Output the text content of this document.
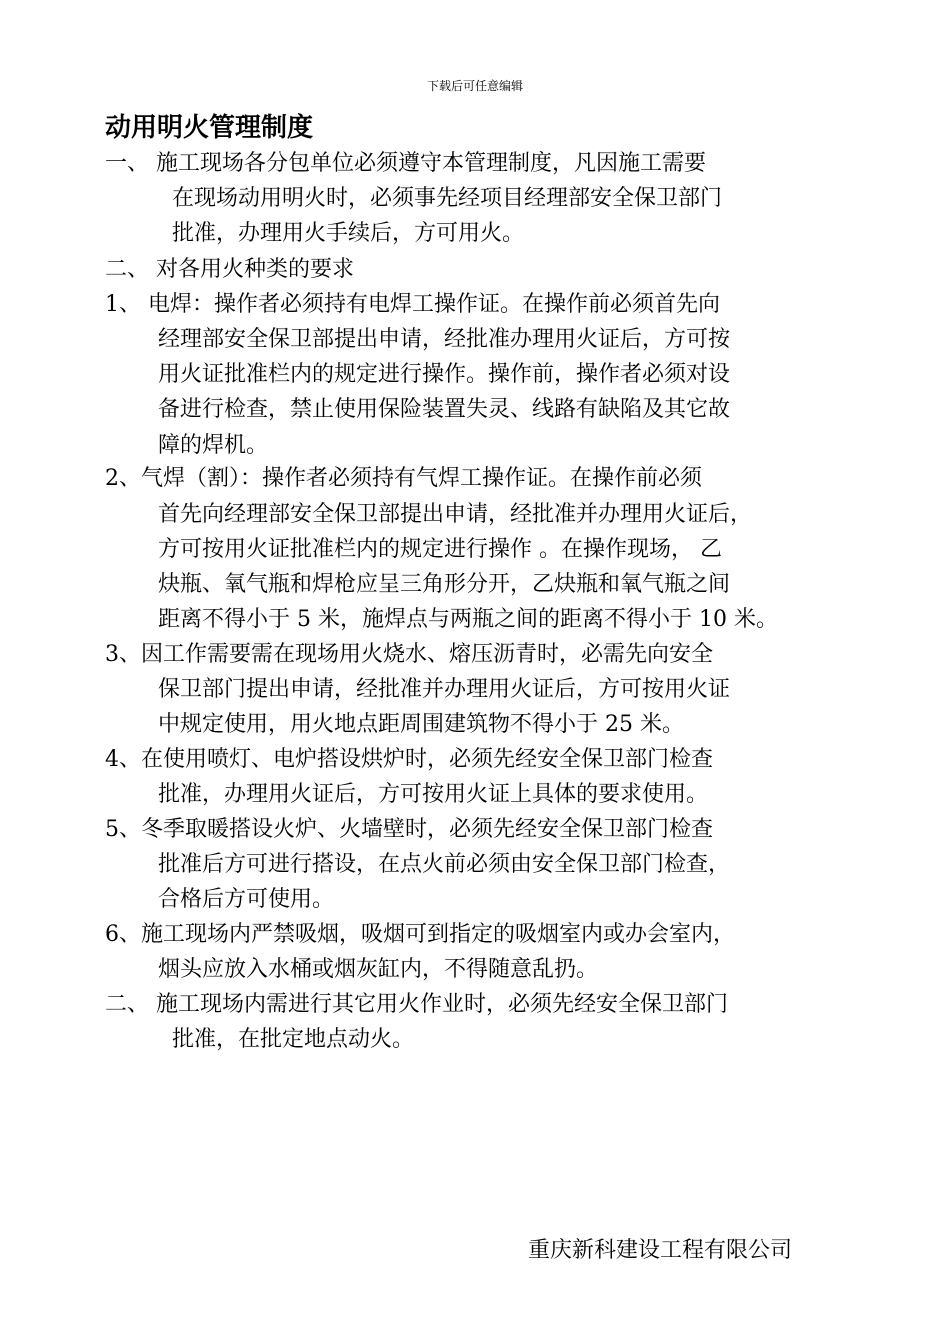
下载后可任意编辑
动用明火管理制度
一、 施工现场各分包单位必须遵守本管理制度，凡因施工需要
在现场动用明火时，必须事先经项目经理部安全保卫部门
批准，办理用火手续后，方可用火。
二、 对各用火种类的要求
1、 电焊：操作者必须持有电焊工操作证。在操作前必须首先向
经理部安全保卫部提出申请，经批准办理用火证后，方可按
用火证批准栏内的规定进行操作。操作前，操作者必须对设
备进行检查，禁止使用保险装置失灵、线路有缺陷及其它故
障的焊机。
2、气焊（割）：操作者必须持有气焊工操作证。在操作前必须
首先向经理部安全保卫部提出申请，经批准并办理用火证后，
方可按用火证批准栏内的规定进行操作 。在操作现场， 乙
炔瓶、氧气瓶和焊枪应呈三角形分开，乙炔瓶和氧气瓶之间
距离不得小于 5 米，施焊点与两瓶之间的距离不得小于 10 米。
3、因工作需要需在现场用火烧水、熔压沥青时，必需先向安全
保卫部门提出申请，经批准并办理用火证后，方可按用火证
中规定使用，用火地点距周围建筑物不得小于 25 米。
4、在使用喷灯、电炉搭设烘炉时，必须先经安全保卫部门检查
批准，办理用火证后，方可按用火证上具体的要求使用。
5、冬季取暖搭设火炉、火墙壁时，必须先经安全保卫部门检查
批准后方可进行搭设，在点火前必须由安全保卫部门检查，
合格后方可使用。
6、施工现场内严禁吸烟，吸烟可到指定的吸烟室内或办会室内，
烟头应放入水桶或烟灰缸内，不得随意乱扔。
二、 施工现场内需进行其它用火作业时，必须先经安全保卫部门
批准，在批定地点动火。
重庆新科建设工程有限公司
